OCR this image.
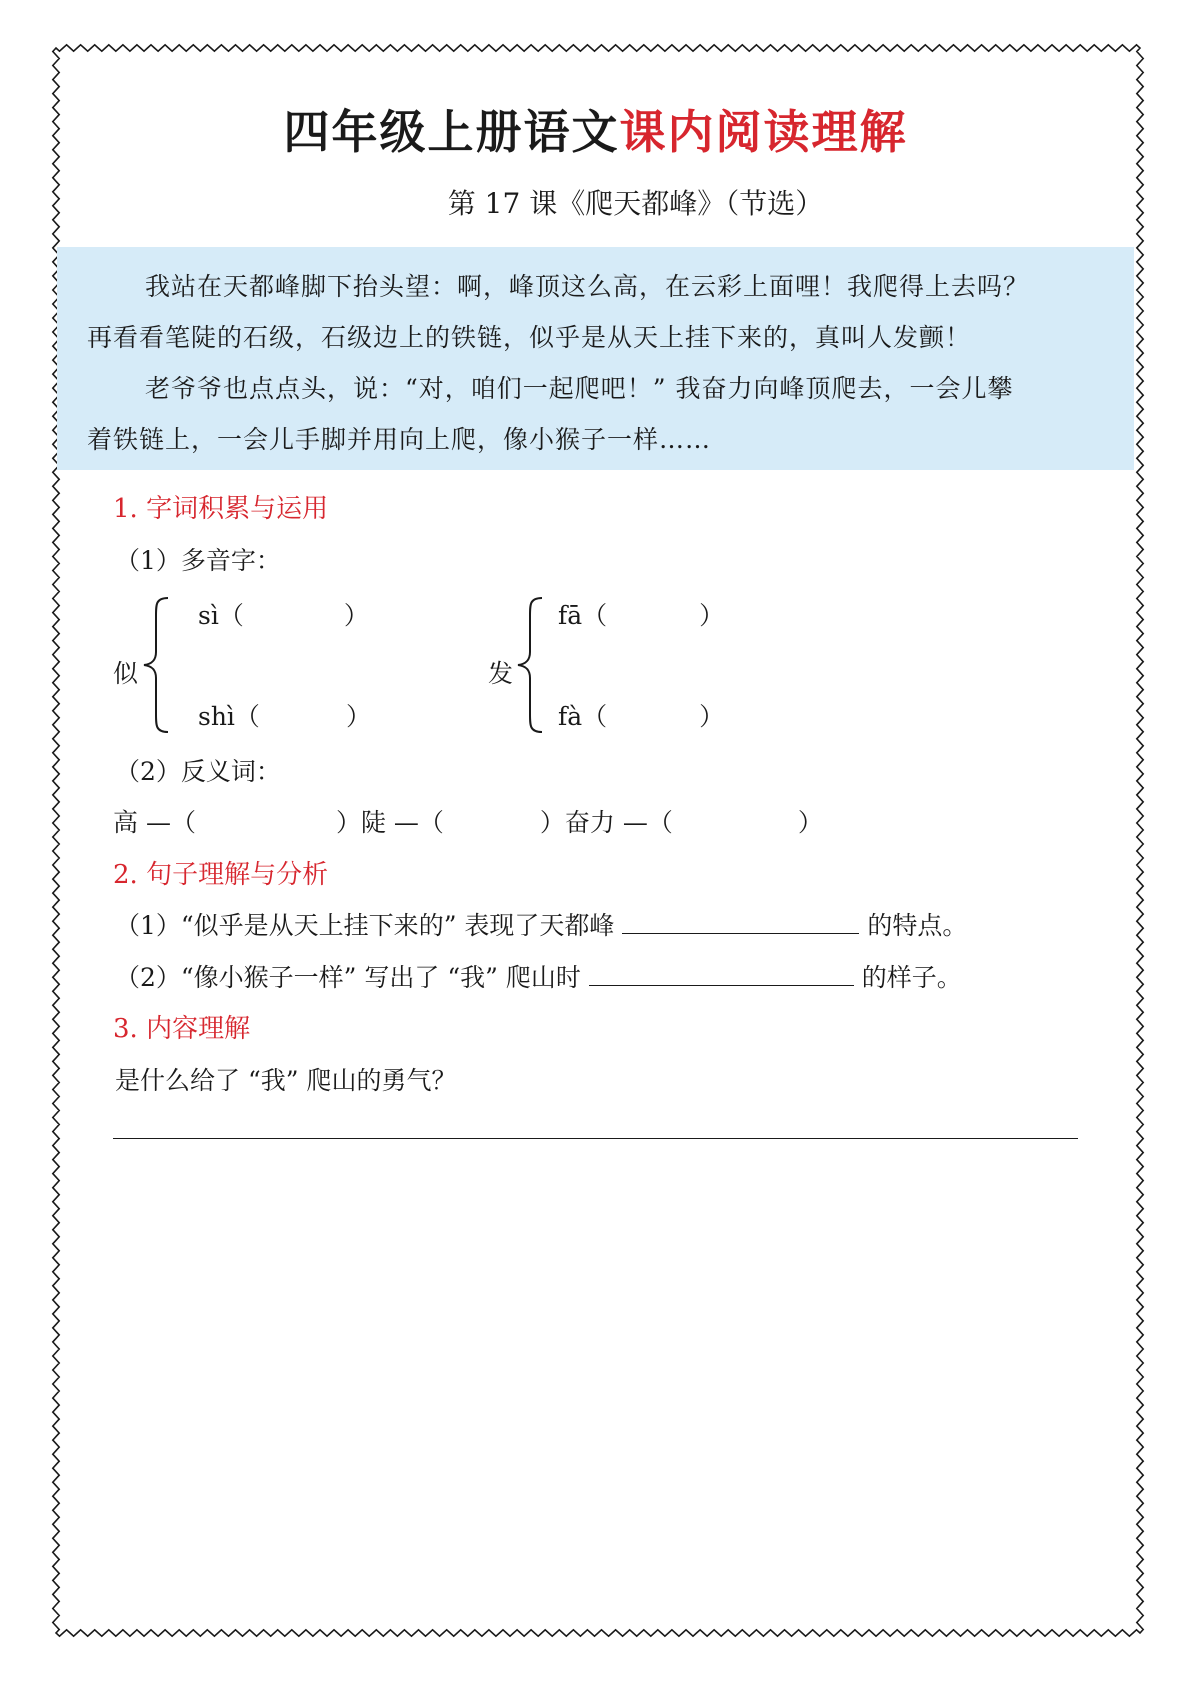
四年级上册语文课内阅读理解
第 17 课《爬天都峰》（节选）
我站在天都峰脚下抬头望：啊，峰顶这么高，在云彩上面哩！我爬得上去吗？
再看看笔陡的石级，石级边上的铁链，似乎是从天上挂下来的，真叫人发颤！
老爷爷也点点头，说：“对，咱们一起爬吧！” 我奋力向峰顶爬去，一会儿攀
着铁链上，一会儿手脚并用向上爬，像小猴子一样……
1. 字词积累与运用
（1）多音字：
似
sì（	）
shì（	）
发
fā（	）
fà（	）
（2）反义词：
高 —（	）陡 —（	）奋力 —（	）
2. 句子理解与分析
（1）“似乎是从天上挂下来的” 表现了天都峰	的特点。
（2）“像小猴子一样” 写出了 “我” 爬山时	的样子。
3. 内容理解
是什么给了 “我” 爬山的勇气？
